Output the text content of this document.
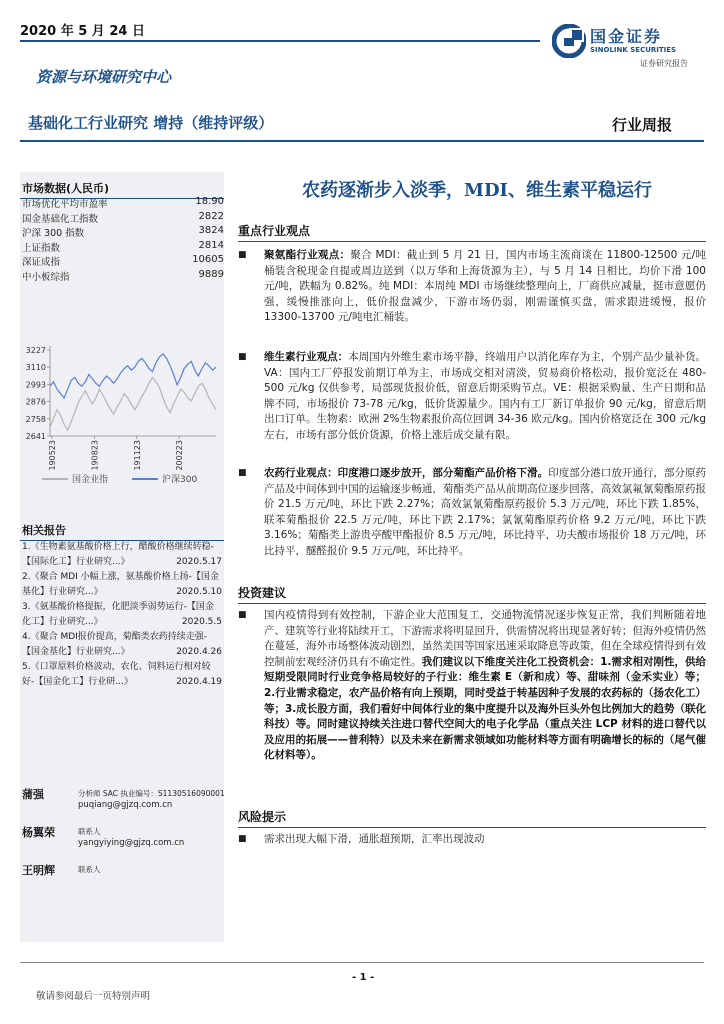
2020 年 5 月 24 日	国金证券
SINOLINK SECURITIES
证券研究报告
资源与环境研究中心
基础化工行业研究 增持（维持评级）	行业周报
市场数据(人民币)
市场优化平均市盈率	18.90
国金基础化工指数	2822
沪深 300 指数	3824
上证指数	2814
深证成指	10605
中小板综指	9889
3227
3110
2993
2876
2758
2641
190523	190823	191123	200223
国金业指	沪深300
相关报告
1.《生物素氨基酸价格上行，醋酸价格继续转稳-【国际化工】行业研究...》	2020.5.17
2.《聚合 MDI 小幅上涨，氨基酸价格上扬-【国金基化】行业研究...》	2020.5.10
3.《氨基酸价格提振，化肥淡季弱势运行-【国金化工】行业研究...》	2020.5.5
4.《聚合 MDI报价提高，菊酯类农药持续走强-【国金基化】行业研究...》	2020.4.26
5.《口罩原料价格波动，农化、饲料运行相对较好-【国金化工】行业研...》	2020.4.19
蒲强	分析师 SAC 执业编号：S1130516090001
puqiang@gjzq.com.cn
杨翼荣	联系人
yangyiying@gjzq.com.cn
王明辉	联系人
农药逐渐步入淡季，MDI、维生素平稳运行
重点行业观点
■	聚氨酯行业观点：聚合 MDI：截止到 5 月 21 日，国内市场主流商谈在 11800-12500 元/吨桶装含税现金自提或周边送到（以万华和上海货源为主），与 5 月 14 日相比，均价下滑 100 元/吨，跌幅为 0.82%。纯 MDI：本周纯 MDI 市场继续整理向上，厂商供应减量，挺市意愿仍强，缓慢推涨向上，低价报盘减少，下游市场仍弱，刚需谨慎买盘，需求跟进缓慢，报价 13300-13700 元/吨电汇桶装。
■	维生素行业观点：本周国内外维生素市场平静，终端用户以消化库存为主，个别产品少量补货。VA：国内工厂停报发前期订单为主，市场成交相对清淡，贸易商价格松动，报价宽泛在 480-500 元/kg 仅供参考，局部现货报价低，留意后期采购节点。VE：根据采购量、生产日期和品牌不同，市场报价 73-78 元/kg，低价货源量少。国内有工厂新订单报价 90 元/kg，留意后期出口订单。生物素：欧洲 2%生物素报价高位回调 34-36 欧元/kg。国内价格宽泛在 300 元/kg左右，市场有部分低价货源，价格上涨后成交量有限。
■	农药行业观点：印度港口逐步放开，部分菊酯产品价格下滑。印度部分港口放开通行，部分原药产品及中间体到中国的运输逐步畅通，菊酯类产品从前期高位逐步回落，高效氯氟氰菊酯原药报价 21.5 万元/吨，环比下跌 2.27%；高效氯氰菊酯原药报价 5.3 万元/吨，环比下跌 1.85%，联苯菊酯报价 22.5 万元/吨，环比下跌 2.17%；氯氰菊酯原药价格 9.2 万元/吨，环比下跌 3.16%；菊酯类上游贵亭酸甲酯报价 8.5 万元/吨，环比持平，功夫酸市场报价 18 万元/吨，环比持平，醚醛报价 9.5 万元/吨，环比持平。
投资建议
■	国内疫情得到有效控制，下游企业大范围复工，交通物流情况逐步恢复正常，我们判断随着地产、建筑等行业将陆续开工，下游需求将明显回升，供需情况将出现显著好转；但海外疫情仍然在蔓延，海外市场整体波动剧烈，虽然美国等国家迅速采取降息等政策，但在全球疫情得到有效控制前宏观经济仍具有不确定性。我们建议以下维度关注化工投资机会：1.需求相对刚性，供给短期受限同时行业竞争格局较好的子行业：维生素 E（新和成）等、甜味剂（金禾实业）等；2.行业需求稳定，农产品价格有向上预期，同时受益于转基因种子发展的农药标的（扬农化工）等；3.成长股方面，我们看好中间体行业的集中度提升以及海外巨头外包比例加大的趋势（联化科技）等。同时建议持续关注进口替代空间大的电子化学品（重点关注 LCP 材料的进口替代以及应用的拓展——普利特）以及未来在新需求领域如功能材料等方面有明确增长的标的（尾气催化材料等）。
风险提示
■	需求出现大幅下滑，通胀超预期，汇率出现波动
- 1 -
敬请参阅最后一页特别声明
